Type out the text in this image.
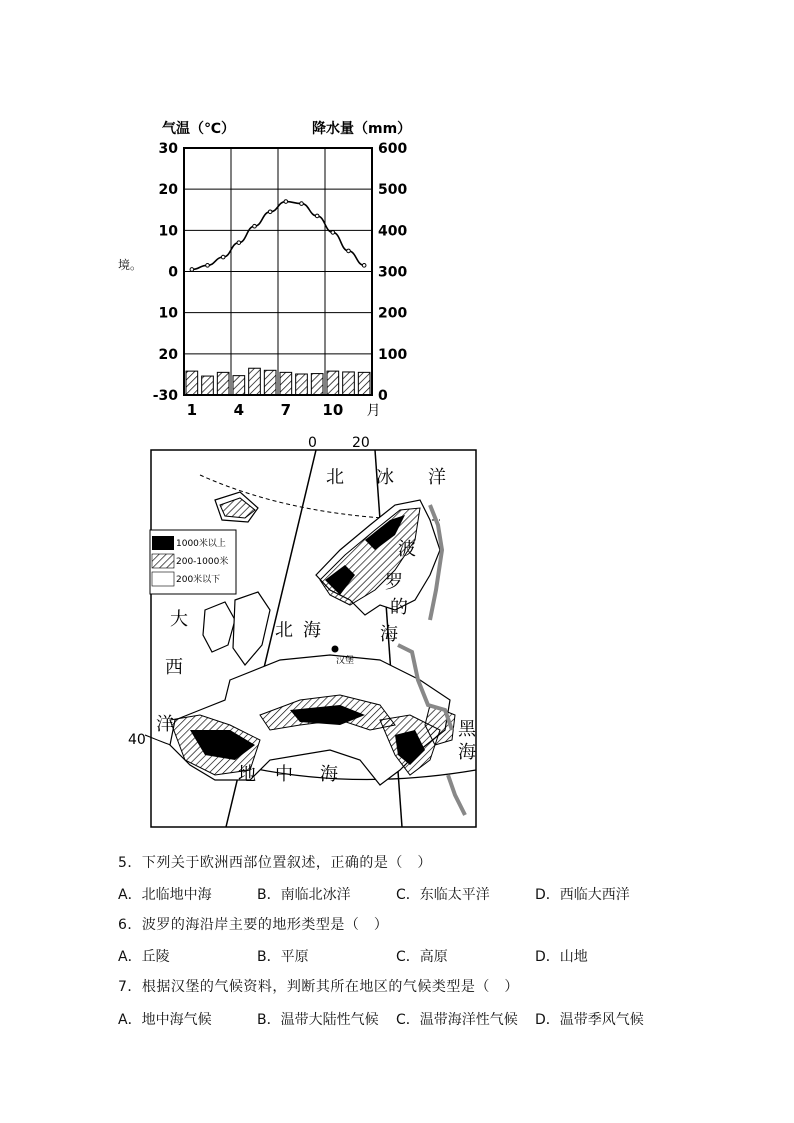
境。
气温（℃）	降水量（mm）
30
20
10
0
10
20
-30
600
500
400
300
200
100
0
1 4 7 10 月
0	20
40
1000米以上
200-1000米
200米以下
北 冰 洋
大
西
洋
北 海
波
罗
的
海
黑
海
地 中 海
汉堡
5．下列关于欧洲西部位置叙述，正确的是（　）
A．北临地中海	B．南临北冰洋	C．东临太平洋	D．西临大西洋
6．波罗的海沿岸主要的地形类型是（　）
A．丘陵	B．平原	C．高原	D．山地
7．根据汉堡的气候资料，判断其所在地区的气候类型是（　）
A．地中海气候	B．温带大陆性气候 C．温带海洋性气候 D．温带季风气候
